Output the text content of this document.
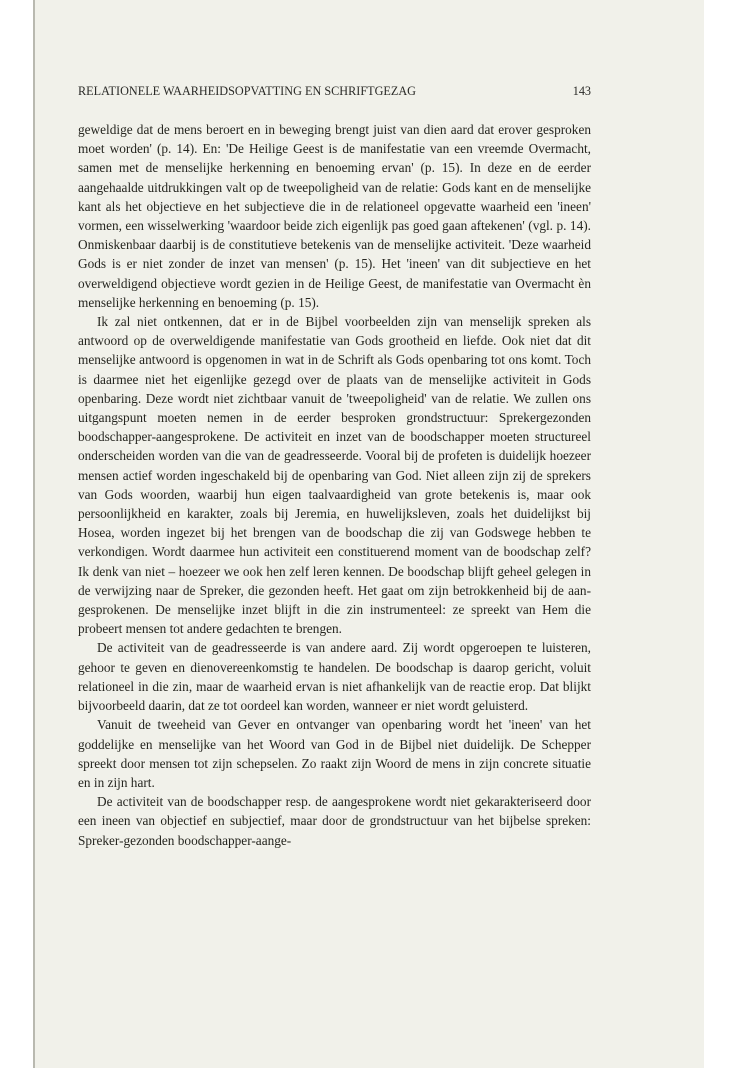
RELATIONELE WAARHEIDSOPVATTING EN SCHRIFTGEZAG	143

geweldige dat de mens beroert en in beweging brengt juist van dien aard dat erover gesproken moet worden' (p. 14). En: 'De Heilige Geest is de manifestatie van een vreemde Overmacht, samen met de menselijke herkenning en benoeming ervan' (p. 15). In deze en de eerder aangehaalde uitdrukkingen valt op de tweepoligheid van de relatie: Gods kant en de menselijke kant als het objectieve en het subjectieve die in de relationeel opgevatte waarheid een 'ineen' vormen, een wisselwerking 'waardoor beide zich eigenlijk pas goed gaan aftekenen' (vgl. p. 14). Onmiskenbaar daarbij is de constitutieve betekenis van de menselijke activiteit. 'Deze waarheid Gods is er niet zonder de inzet van mensen' (p. 15). Het 'ineen' van dit subjectieve en het overweldigend objectieve wordt gezien in de Heilige Geest, de manifestatie van Overmacht èn menselijke herkenning en benoeming (p. 15).

Ik zal niet ontkennen, dat er in de Bijbel voorbeelden zijn van menselijk spreken als antwoord op de overweldigende manifestatie van Gods grootheid en liefde. Ook niet dat dit menselijke antwoord is opgenomen in wat in de Schrift als Gods openbaring tot ons komt. Toch is daarmee niet het eigenlijke gezegd over de plaats van de menselijke activiteit in Gods openbaring. Deze wordt niet zichtbaar vanuit de 'tweepoligheid' van de relatie. We zullen ons uitgangspunt moeten nemen in de eerder besproken grondstructuur: Sprekergezonden boodschapper-aangesprokene. De activiteit en inzet van de boodschapper moeten structureel onderscheiden worden van die van de geadresseerde. Vooral bij de profeten is duidelijk hoezeer mensen actief worden ingeschakeld bij de openbaring van God. Niet alleen zijn zij de sprekers van Gods woorden, waarbij hun eigen taalvaardigheid van grote betekenis is, maar ook persoonlijkheid en karakter, zoals bij Jeremia, en huwelijksleven, zoals het duidelijkst bij Hosea, worden ingezet bij het brengen van de boodschap die zij van Godswege hebben te verkondigen. Wordt daarmee hun activiteit een constituerend moment van de boodschap zelf? Ik denk van niet – hoezeer we ook hen zelf leren kennen. De boodschap blijft geheel gelegen in de verwijzing naar de Spreker, die gezonden heeft. Het gaat om zijn betrokkenheid bij de aangesprokenen. De menselijke inzet blijft in die zin instrumenteel: ze spreekt van Hem die probeert mensen tot andere gedachten te brengen.

De activiteit van de geadresseerde is van andere aard. Zij wordt opgeroepen te luisteren, gehoor te geven en dienovereenkomstig te handelen. De boodschap is daarop gericht, voluit relationeel in die zin, maar de waarheid ervan is niet afhankelijk van de reactie erop. Dat blijkt bijvoorbeeld daarin, dat ze tot oordeel kan worden, wanneer er niet wordt geluisterd.

Vanuit de tweeheid van Gever en ontvanger van openbaring wordt het 'ineen' van het goddelijke en menselijke van het Woord van God in de Bijbel niet duidelijk. De Schepper spreekt door mensen tot zijn schepselen. Zo raakt zijn Woord de mens in zijn concrete situatie en in zijn hart.

De activiteit van de boodschapper resp. de aangesprokene wordt niet gekarakteriseerd door een ineen van objectief en subjectief, maar door de grondstructuur van het bijbelse spreken: Spreker-gezonden boodschapper-aange-
